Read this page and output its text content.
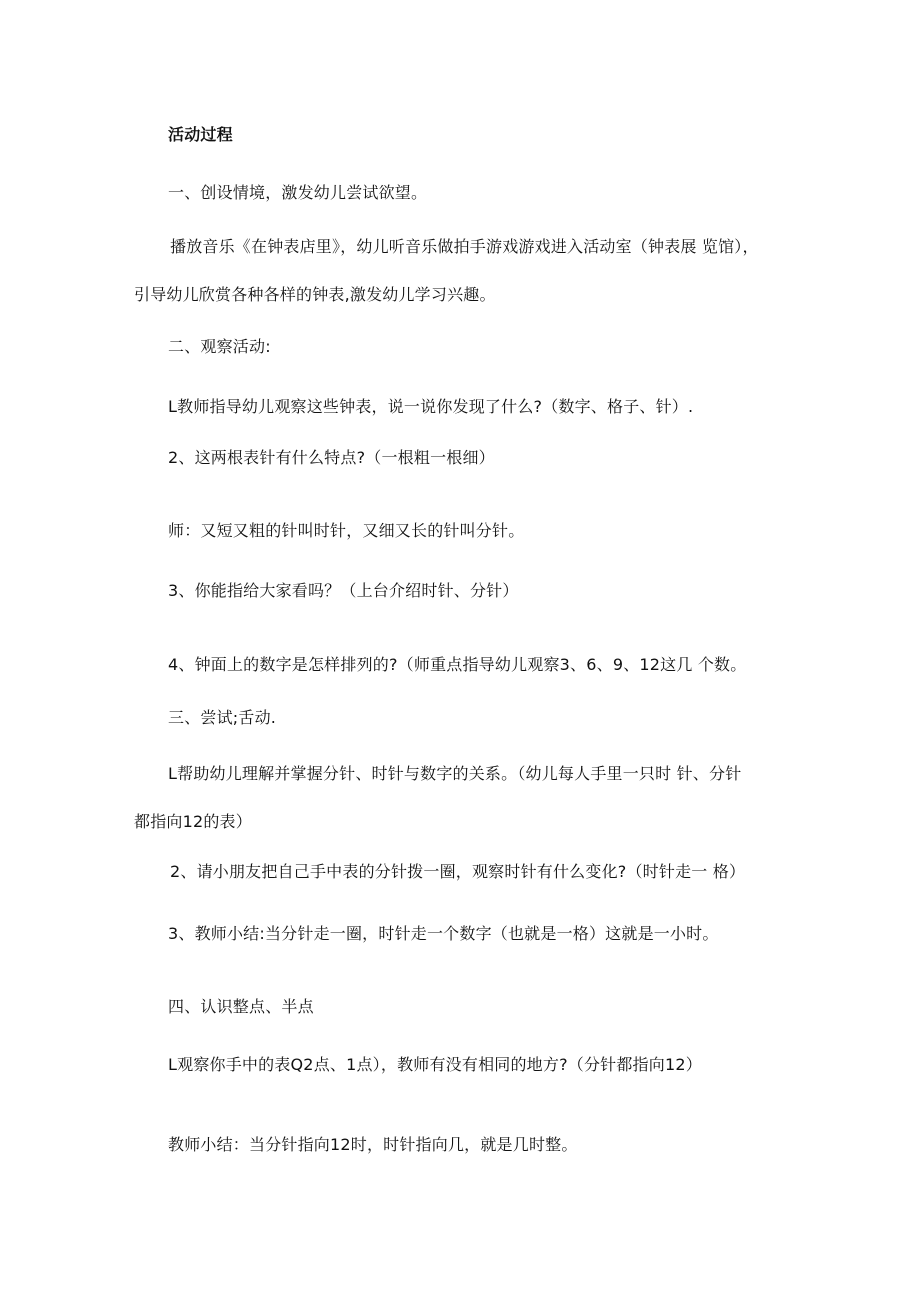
活动过程
一、创设情境，激发幼儿尝试欲望。
播放音乐《在钟表店里》，幼儿听音乐做拍手游戏游戏进入活动室（钟表展 览馆），
引导幼儿欣赏各种各样的钟表,激发幼儿学习兴趣。
二、观察活动:
L教师指导幼儿观察这些钟表，说一说你发现了什么?（数字、格子、针）.
2、这两根表针有什么特点?（一根粗一根细）
师：又短又粗的针叫时针，又细又长的针叫分针。
3、你能指给大家看吗？（上台介绍时针、分针）
4、钟面上的数字是怎样排列的?（师重点指导幼儿观察3、6、9、12这几 个数。
三、尝试;舌动.
L帮助幼儿理解并掌握分针、时针与数字的关系。（幼儿每人手里一只时 针、分针
都指向12的表）
2、请小朋友把自己手中表的分针拨一圈，观察时针有什么变化?（时针走一 格）
3、教师小结:当分针走一圈，时针走一个数字（也就是一格）这就是一小时。
四、认识整点、半点
L观察你手中的表Q2点、1点），教师有没有相同的地方?（分针都指向12）
教师小结：当分针指向12时，时针指向几，就是几时整。
